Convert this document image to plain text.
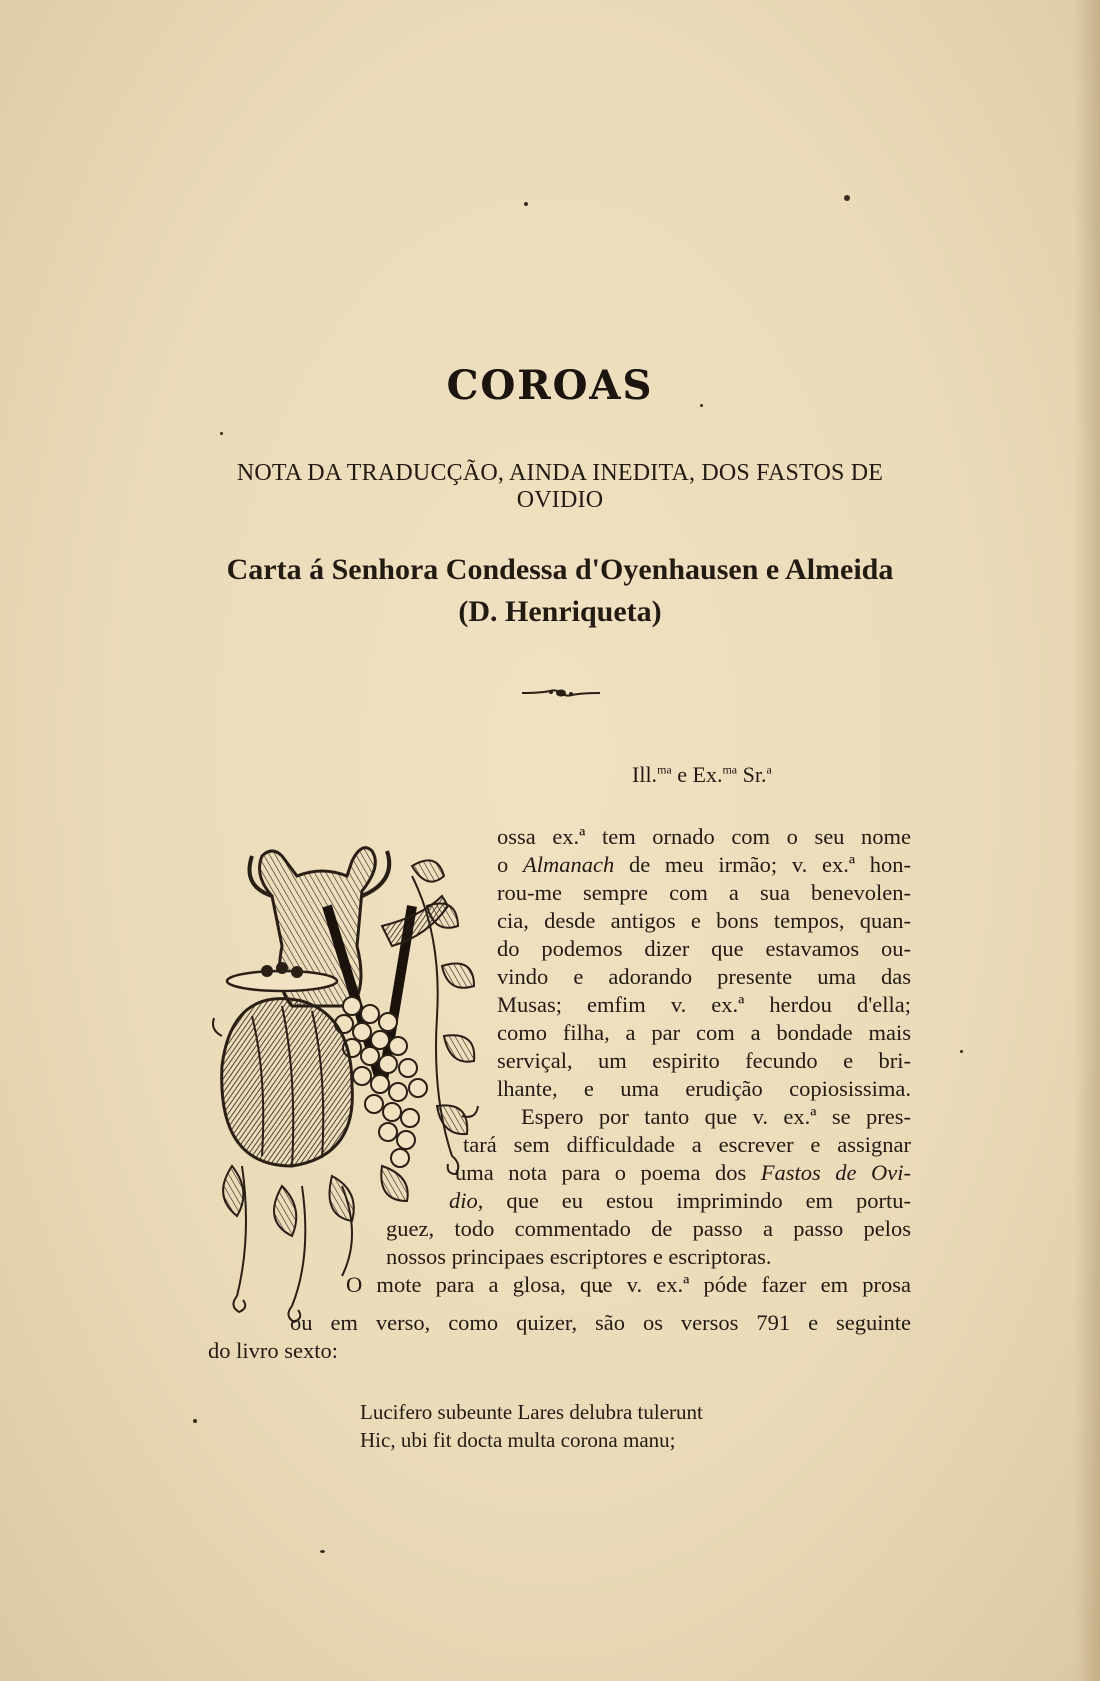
COROAS
NOTA DA TRADUCÇÃO, AINDA INEDITA, DOS FASTOS DE OVIDIO
Carta á Senhora Condessa d'Oyenhausen e Almeida
(D. Henriqueta)
Ill.$^{ma}$ e Ex.$^{ma}$ Sr.$^a$
ossa ex.ª tem ornado com o seu nome
o Almanach de meu irmão; v. ex.ª hon-
rou-me sempre com a sua benevolen-
cia, desde antigos e bons tempos, quan-
do podemos dizer que estavamos ou-
vindo e adorando presente uma das
Musas; emfim v. ex.ª herdou d'ella;
como filha, a par com a bondade mais
serviçal, um espirito fecundo e bri-
lhante, e uma erudição copiosissima.
Espero por tanto que v. ex.ª se pres-
tará sem difficuldade a escrever e assignar
uma nota para o poema dos Fastos de Ovi-
dio, que eu estou imprimindo em portu-
guez, todo commentado de passo a passo pelos
nossos principaes escriptores e escriptoras.
O mote para a glosa, que v. ex.ª póde fazer em prosa
ou em verso, como quizer, são os versos 791 e seguinte
do livro sexto:
Lucifero subeunte Lares delubra tulerunt
Hic, ubi fit docta multa corona manu;
